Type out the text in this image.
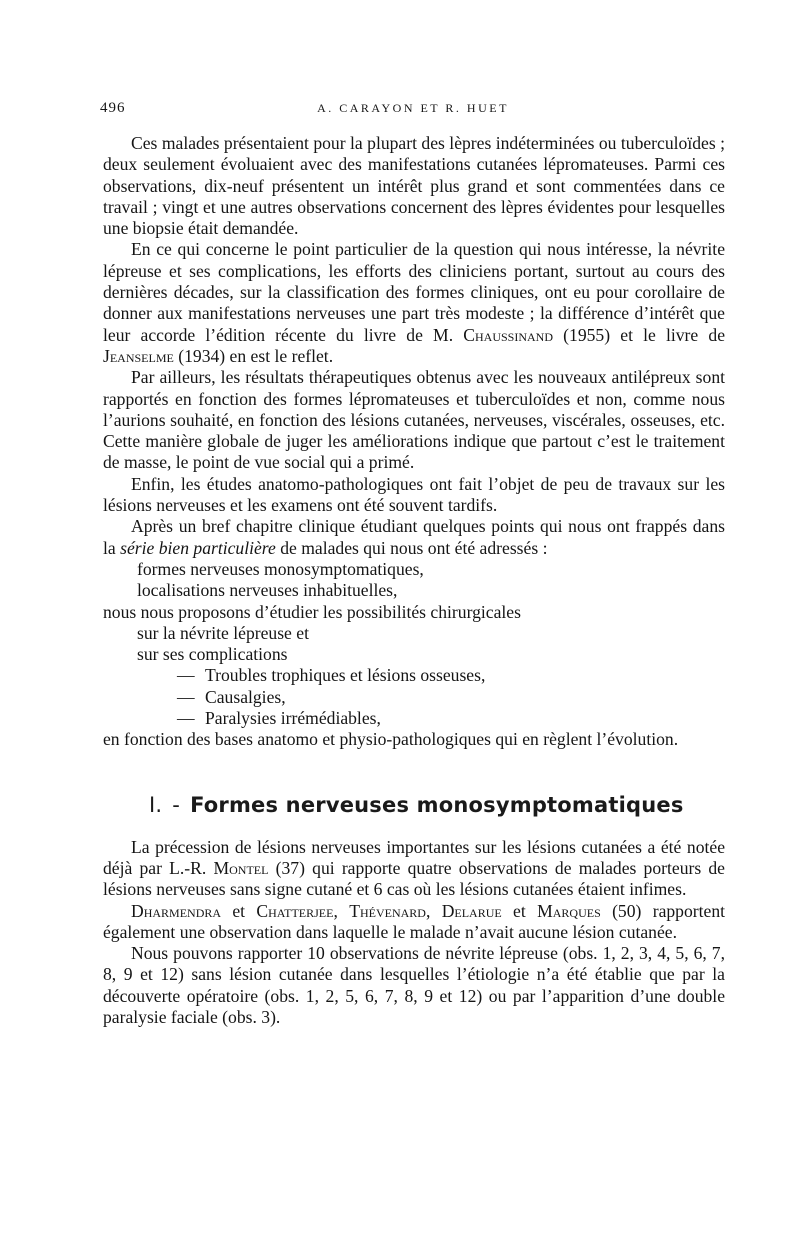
496	A. CARAYON ET R. HUET

Ces malades présentaient pour la plupart des lèpres indéterminées ou tuberculoïdes ; deux seulement évoluaient avec des manifestations cutanées lépromateuses. Parmi ces observations, dix-neuf présentent un intérêt plus grand et sont commentées dans ce travail ; vingt et une autres observations concernent des lèpres évidentes pour lesquelles une biopsie était demandée.

En ce qui concerne le point particulier de la question qui nous intéresse, la névrite lépreuse et ses complications, les efforts des cliniciens portant, surtout au cours des dernières décades, sur la classification des formes cliniques, ont eu pour corollaire de donner aux manifestations nerveuses une part très modeste ; la différence d’intérêt que leur accorde l’édition récente du livre de M. Chaussinand (1955) et le livre de Jeanselme (1934) en est le reflet.

Par ailleurs, les résultats thérapeutiques obtenus avec les nouveaux antilépreux sont rapportés en fonction des formes lépromateuses et tuberculoïdes et non, comme nous l’aurions souhaité, en fonction des lésions cutanées, nerveuses, viscérales, osseuses, etc. Cette manière globale de juger les améliorations indique que partout c’est le traitement de masse, le point de vue social qui a primé.

Enfin, les études anatomo-pathologiques ont fait l’objet de peu de travaux sur les lésions nerveuses et les examens ont été souvent tardifs.

Après un bref chapitre clinique étudiant quelques points qui nous ont frappés dans la série bien particulière de malades qui nous ont été adressés :

formes nerveuses monosymptomatiques,

localisations nerveuses inhabituelles,

nous nous proposons d’étudier les possibilités chirurgicales

sur la névrite lépreuse et

sur ses complications

— Troubles trophiques et lésions osseuses,

— Causalgies,

— Paralysies irrémédiables,

en fonction des bases anatomo et physio-pathologiques qui en règlent l’évolution.

I. - Formes nerveuses monosymptomatiques

La précession de lésions nerveuses importantes sur les lésions cutanées a été notée déjà par L.-R. Montel (37) qui rapporte quatre observations de malades porteurs de lésions nerveuses sans signe cutané et 6 cas où les lésions cutanées étaient infimes.

Dharmendra et Chatterjee, Thévenard, Delarue et Marques (50) rapportent également une observation dans laquelle le malade n’avait aucune lésion cutanée.

Nous pouvons rapporter 10 observations de névrite lépreuse (obs. 1, 2, 3, 4, 5, 6, 7, 8, 9 et 12) sans lésion cutanée dans lesquelles l’étiologie n’a été établie que par la découverte opératoire (obs. 1, 2, 5, 6, 7, 8, 9 et 12) ou par l’apparition d’une double paralysie faciale (obs. 3).
